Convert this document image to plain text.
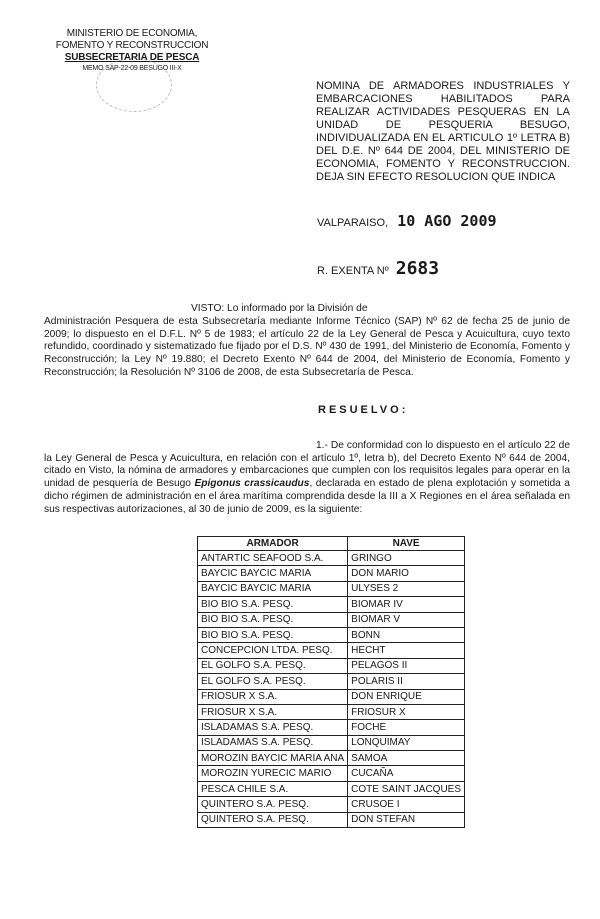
MINISTERIO DE ECONOMIA,
FOMENTO Y RECONSTRUCCION
SUBSECRETARIA DE PESCA
MEMO SAP-22-09 BESUGO III-X
NOMINA DE ARMADORES INDUSTRIALES Y EMBARCACIONES HABILITADOS PARA REALIZAR ACTIVIDADES PESQUERAS EN LA UNIDAD DE PESQUERIA BESUGO, INDIVIDUALIZADA EN EL ARTICULO 1º LETRA B) DEL D.E. Nº 644 DE 2004, DEL MINISTERIO DE ECONOMIA, FOMENTO Y RECONSTRUCCION. DEJA SIN EFECTO RESOLUCION QUE INDICA
VALPARAISO, 10 AGO 2009
R. EXENTA Nº 2683
VISTO: Lo informado por la División de
Administración Pesquera de esta Subsecretaría mediante Informe Técnico (SAP) Nº 62 de fecha 25 de junio de 2009; lo dispuesto en el D.F.L. Nº 5 de 1983; el artículo 22 de la Ley General de Pesca y Acuicultura, cuyo texto refundido, coordinado y sistematizado fue fijado por el D.S. Nº 430 de 1991, del Ministerio de Economía, Fomento y Reconstrucción; la Ley Nº 19.880; el Decreto Exento Nº 644 de 2004, del Ministerio de Economía, Fomento y Reconstrucción; la Resolución Nº 3106 de 2008, de esta Subsecretaría de Pesca.
RESUELVO:
1.- De conformidad con lo dispuesto en el artículo 22 de la Ley General de Pesca y Acuicultura, en relación con el artículo 1º, letra b), del Decreto Exento Nº 644 de 2004, citado en Visto, la nómina de armadores y embarcaciones que cumplen con los requisitos legales para operar en la unidad de pesquería de Besugo Epigonus crassicaudus, declarada en estado de plena explotación y sometida a dicho régimen de administración en el área marítima comprendida desde la III a X Regiones en el área señalada en sus respectivas autorizaciones, al 30 de junio de 2009, es la siguiente:
ARMADOR	NAVE
ANTARTIC SEAFOOD S.A.	GRINGO
BAYCIC BAYCIC MARIA	DON MARIO
BAYCIC BAYCIC MARIA	ULYSES 2
BIO BIO S.A. PESQ.	BIOMAR IV
BIO BIO S.A. PESQ.	BIOMAR V
BIO BIO S.A. PESQ.	BONN
CONCEPCION LTDA. PESQ.	HECHT
EL GOLFO S.A. PESQ.	PELAGOS II
EL GOLFO S.A. PESQ.	POLARIS II
FRIOSUR X S.A.	DON ENRIQUE
FRIOSUR X S.A.	FRIOSUR X
ISLADAMAS S.A. PESQ.	FOCHE
ISLADAMAS S.A. PESQ.	LONQUIMAY
MOROZIN BAYCIC MARIA ANA	SAMOA
MOROZIN YURECIC MARIO	CUCAÑA
PESCA CHILE S.A.	COTE SAINT JACQUES
QUINTERO S.A. PESQ.	CRUSOE I
QUINTERO S.A. PESQ.	DON STEFAN
